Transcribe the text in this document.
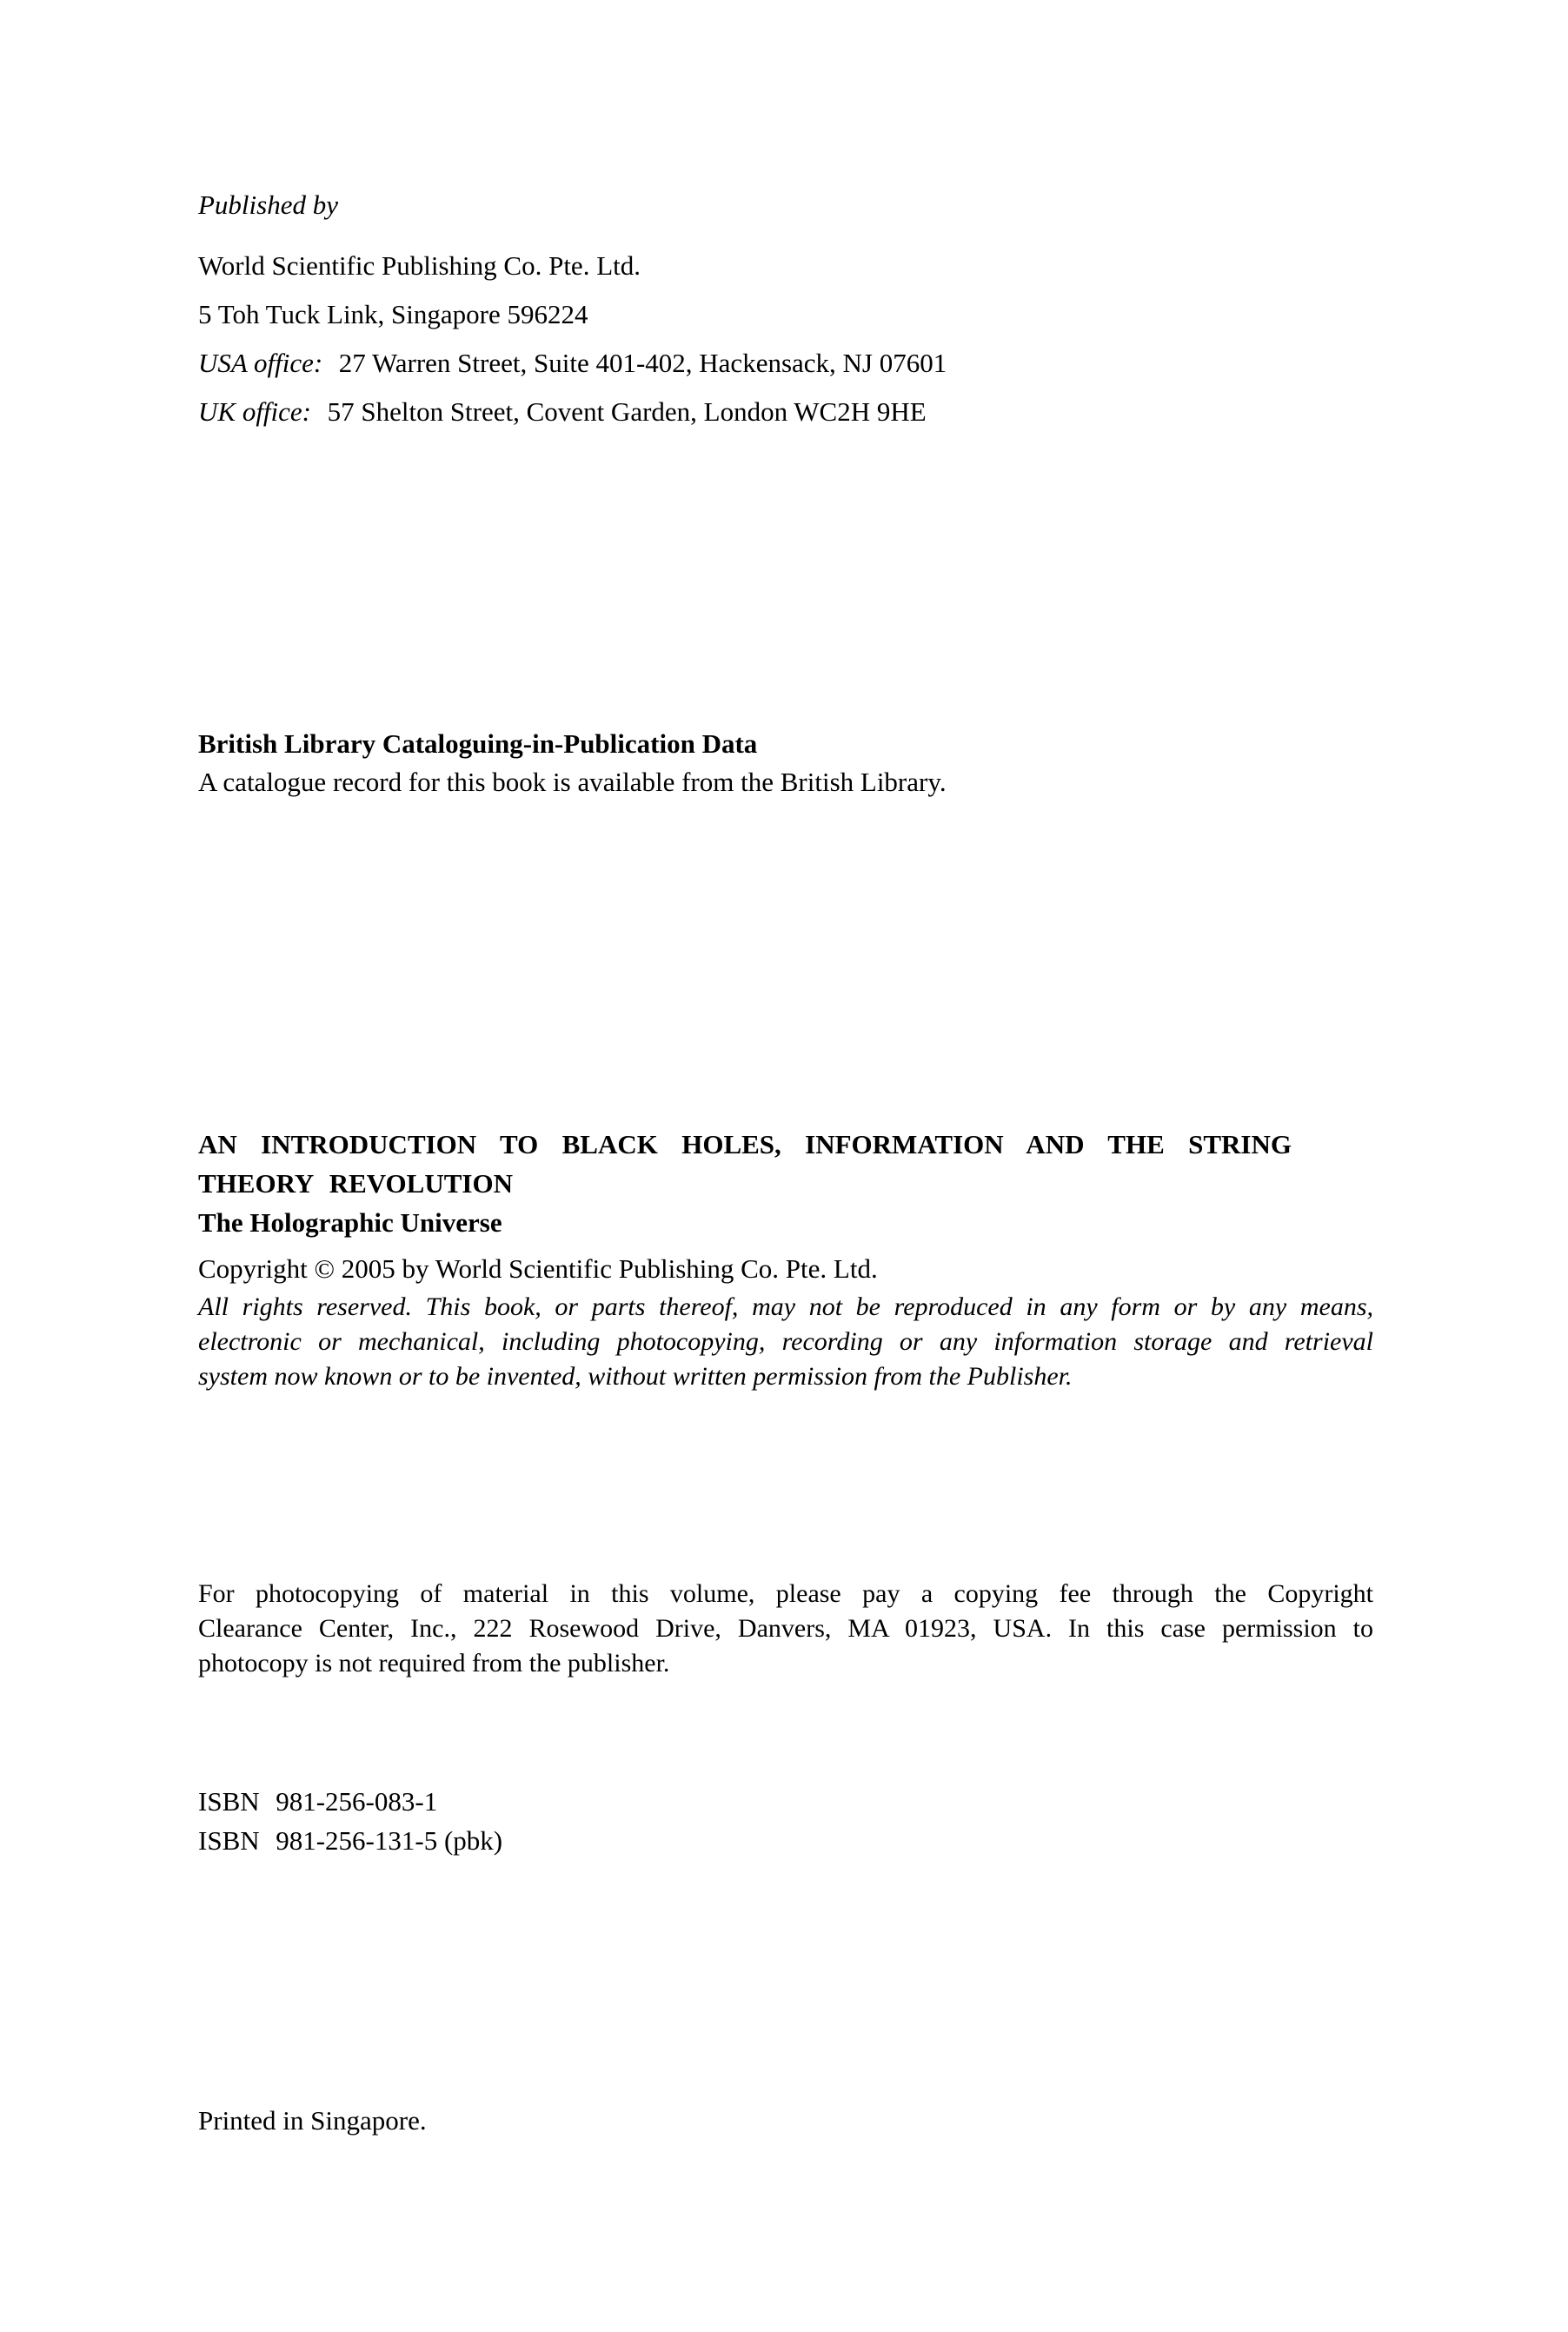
Published by
World Scientific Publishing Co. Pte. Ltd.
5 Toh Tuck Link, Singapore 596224
USA office: 27 Warren Street, Suite 401-402, Hackensack, NJ 07601
UK office: 57 Shelton Street, Covent Garden, London WC2H 9HE
British Library Cataloguing-in-Publication Data
A catalogue record for this book is available from the British Library.
AN INTRODUCTION TO BLACK HOLES, INFORMATION AND THE STRING
THEORY REVOLUTION
The Holographic Universe
Copyright © 2005 by World Scientific Publishing Co. Pte. Ltd.
All rights reserved. This book, or parts thereof, may not be reproduced in any form or by any means,
electronic or mechanical, including photocopying, recording or any information storage and retrieval
system now known or to be invented, without written permission from the Publisher.
For photocopying of material in this volume, please pay a copying fee through the Copyright
Clearance Center, Inc., 222 Rosewood Drive, Danvers, MA 01923, USA. In this case permission to
photocopy is not required from the publisher.
ISBN 981-256-083-1
ISBN 981-256-131-5 (pbk)
Printed in Singapore.
